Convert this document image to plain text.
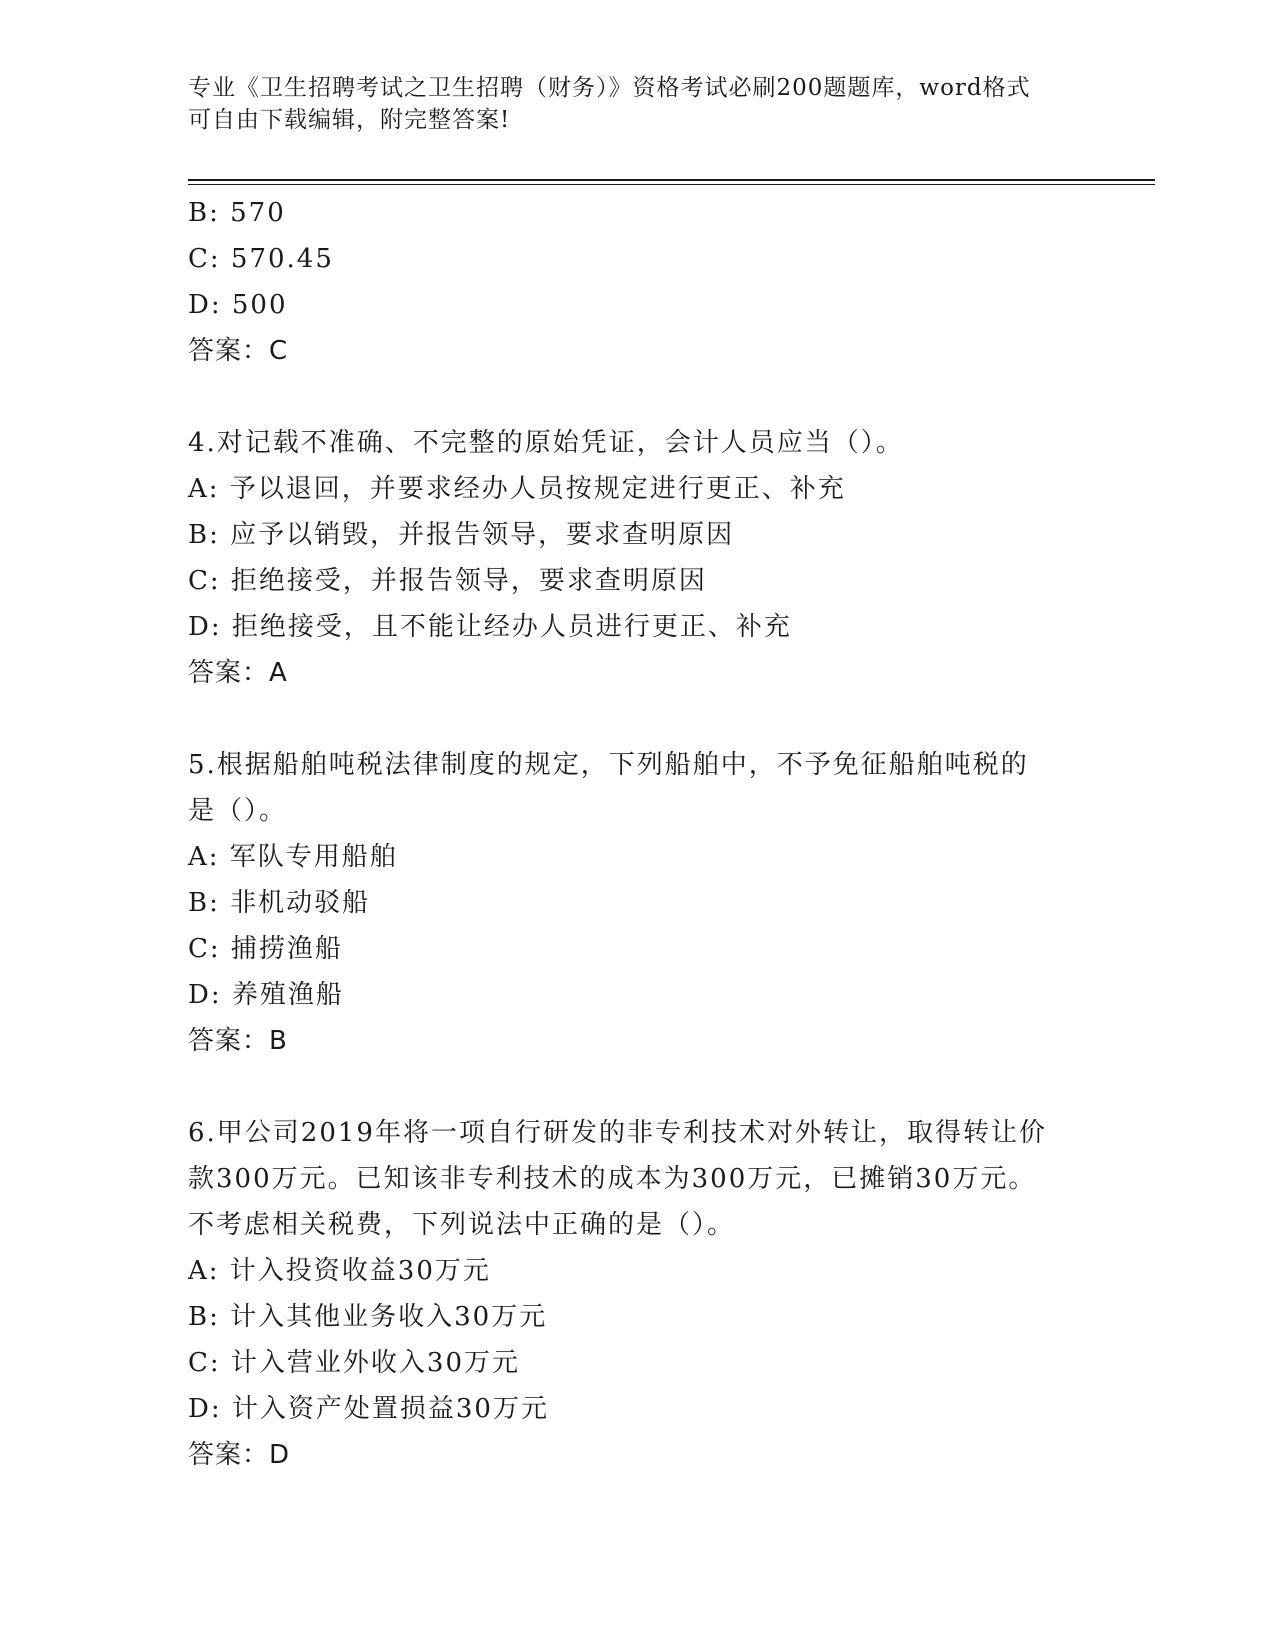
专业《卫生招聘考试之卫生招聘（财务）》资格考试必刷200题题库，word格式
可自由下载编辑，附完整答案!
B: 570
C: 570.45
D: 500
答案：C
4.对记载不准确、不完整的原始凭证，会计人员应当（）。
A: 予以退回，并要求经办人员按规定进行更正、补充
B: 应予以销毁，并报告领导，要求查明原因
C: 拒绝接受，并报告领导，要求查明原因
D: 拒绝接受，且不能让经办人员进行更正、补充
答案：A
5.根据船舶吨税法律制度的规定，下列船舶中，不予免征船舶吨税的
是（）。
A: 军队专用船舶
B: 非机动驳船
C: 捕捞渔船
D: 养殖渔船
答案：B
6.甲公司2019年将一项自行研发的非专利技术对外转让，取得转让价
款300万元。已知该非专利技术的成本为300万元，已摊销30万元。
不考虑相关税费，下列说法中正确的是（）。
A: 计入投资收益30万元
B: 计入其他业务收入30万元
C: 计入营业外收入30万元
D: 计入资产处置损益30万元
答案：D
